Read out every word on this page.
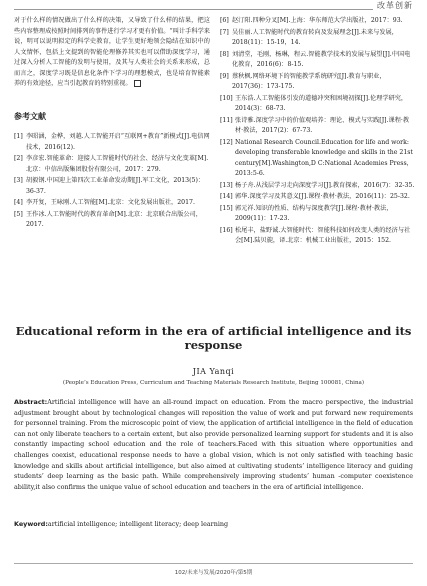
改革创新

对于什么样的情况做出了什么样的决策，又导致了什么样的结果，把这些内容整理成按照时间排列的事件进行学习才更有价值。“叫计手科学来说，明可以说明拟定的科学史教育，让学生更好地领会隐结在知识中的人文情怀，包括上文提到的智能伦理修养其实也可以借助深度学习，通过深入分析人工智能的发明与使用，及其与人类社会的关系来形成，总而言之，深度学习既是信息化条件下学习的理想模式，也是培育智能素养的有效途径，应当引起教育的特别重视。

参考文献
[1] 李昭涵，金桦，刘越.人工智能开启“互联网+教育”新模式[J].电信网技术，2016(12).
[2] 李彦宏.智能革命：迎接人工智能时代的社会、经济与文化变革[M].北京：中信出版集团股份有限公司，2017：279.
[3] 胡毅钢.中国迎上第四次工业革命发动期[J].军工文化，2013(5)：36-37.
[4] 李开复，王咏刚.人工智能[M].北京：文化发展出版社，2017.
[5] 王作冰.人工智能时代的教育革命[M].北京：北京联合出版公司，2017.
[6] 赵汀阳.四种分叉[M].上海：华东师范大学出版社，2017：93.
[7] 吴佳丽.人工智能时代的教育转向及发展理念[J].未来与发展，2018(11)：15-19，14.
[8] 刘清堂，毛刚，杨琳，程云.智能教学技术的发展与展望[J].中国电化教育，2016(6)：8-15.
[9] 蔡秋枫.网络环境下的智能教学系统研究[J].教育与职业，2017(36)：173-175.
[10] 王东浩.人工智能体引发的道德冲突和困境初探[J].伦理学研究，2014(3)：68-73.
[11] 张诗雅.深度学习中的价值观培养：理论、模式与实践[J].课程·教材·教法，2017(2)：67-73.
[12] National Research Council.Education for life and work: developing transferable knowledge and skills in the 21st century[M].Washington,D C:National Academies Press，2013:5-6.
[13] 杨子舟.从浅层学习走向深度学习[J].教育探索，2016(7)：32-35.
[14] 郭华.深度学习及其意义[J].课程·教材·教法，2016(11)：25-32.
[15] 郭元祥.知识的性质、结构与深度教学[J].课程·教材·教法，2009(11)：17-23.
[16] 松尾丰，盐野诚.大智能时代：智能科技如何改变人类的经济与社会[M].陆贝旎，译.北京：机械工业出版社，2015：152.
Educational reform in the era of artificial intelligence and its response
JIA Yanqi
(People’s Education Press, Curriculum and Teaching Materials Research Institute, Beijing 100081, China)
Abstract:Artificial intelligence will have an all-round impact on education. From the macro perspective, the industrial adjustment brought about by technological changes will reposition the value of work and put forward new requirements for personnel training. From the microscopic point of view, the application of artificial intelligence in the field of education can not only liberate teachers to a certain extent, but also provide personalized learning support for students and it is also constantly impacting school education and the role of teachers.Faced with this situation where opportunities and challenges coexist, educational response needs to have a global vision, which is not only satisfied with teaching basic knowledge and skills about artificial intelligence, but also aimed at cultivating students’ intelligence literacy and guiding students’ deep learning as the basic path. While comprehensively improving students’ human -computer coexistence ability,it also confirms the unique value of school education and teachers in the era of artificial intelligence.
Keyword:artificial intelligence; intelligent literacy; deep learning
102/未来与发展/2020年/第5期
